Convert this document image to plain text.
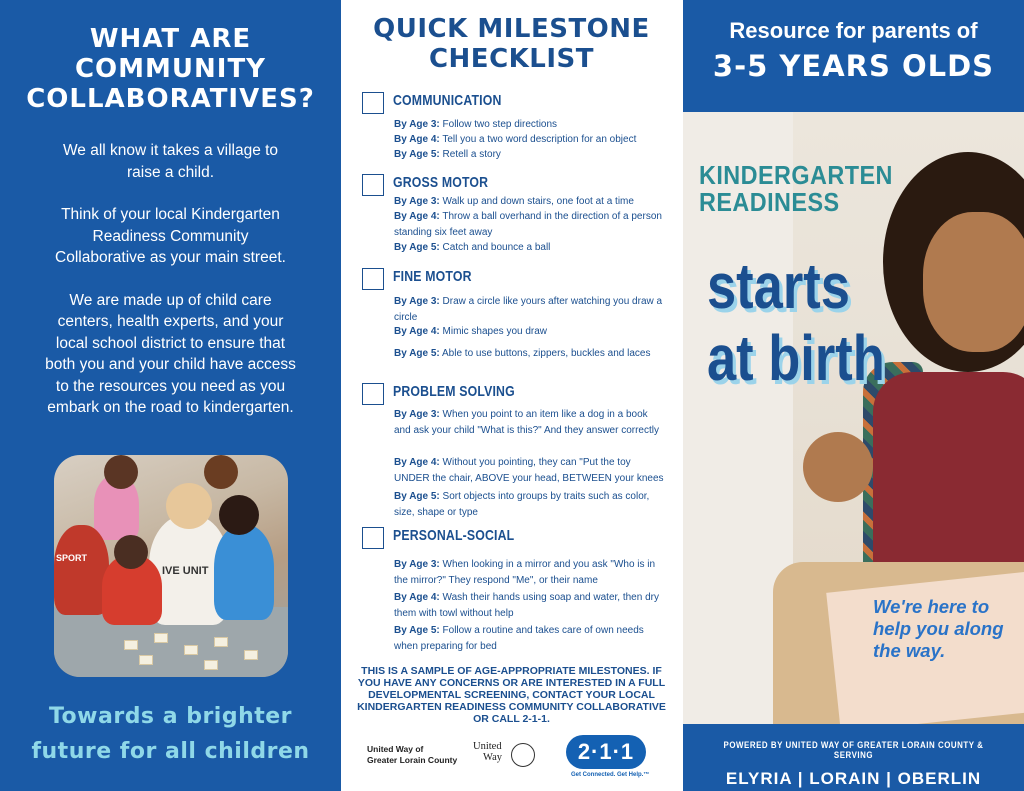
WHAT ARE
COMMUNITY
COLLABORATIVES?

We all know it takes a village to raise a child.

Think of your local Kindergarten Readiness Community Collaborative as your main street.

We are made up of child care centers, health experts, and your local school district to ensure that both you and your child have access to the resources you need as you embark on the road to kindergarten.

IVE UNIT
SPORT
Towards a brighter
future for all children
QUICK MILESTONE
CHECKLIST
COMMUNICATION
By Age 3: Follow two step directions
By Age 4: Tell you a two word description for an object
By Age 5: Retell a story
GROSS MOTOR
By Age 3: Walk up and down stairs, one foot at a time
By Age 4: Throw a ball overhand in the direction of a person standing six feet away
By Age 5: Catch and bounce a ball
FINE MOTOR
By Age 3: Draw a circle like yours after watching you draw a circle
By Age 4: Mimic shapes you draw
By Age 5: Able to use buttons, zippers, buckles and laces
PROBLEM SOLVING
By Age 3: When you point to an item like a dog in a book and ask your child "What is this?" And they answer correctly
By Age 4: Without you pointing, they can "Put the toy UNDER the chair, ABOVE your head, BETWEEN your knees
By Age 5: Sort objects into groups by traits such as color, size, shape or type
PERSONAL-SOCIAL
By Age 3: When looking in a mirror and you ask "Who is in the mirror?" They respond "Me", or their name
By Age 4: Wash their hands using soap and water, then dry them with towl without help
By Age 5: Follow a routine and takes care of own needs when preparing for bed
THIS IS A SAMPLE OF AGE-APPROPRIATE MILESTONES. IF YOU HAVE ANY CONCERNS OR ARE INTERESTED IN A FULL DEVELOPMENTAL SCREENING, CONTACT YOUR LOCAL KINDERGARTEN READINESS COMMUNITY COLLABORATIVE OR CALL 2-1-1.
United Way of
Greater Lorain County
United
Way	2·1·1
Get Connected. Get Help.™
Resource for parents of
3-5 YEARS OLDS
KINDERGARTEN
READINESS
starts
at birth
We're here to
help you along
the way.
POWERED BY UNITED WAY OF GREATER LORAIN COUNTY & SERVING
ELYRIA | LORAIN | OBERLIN
